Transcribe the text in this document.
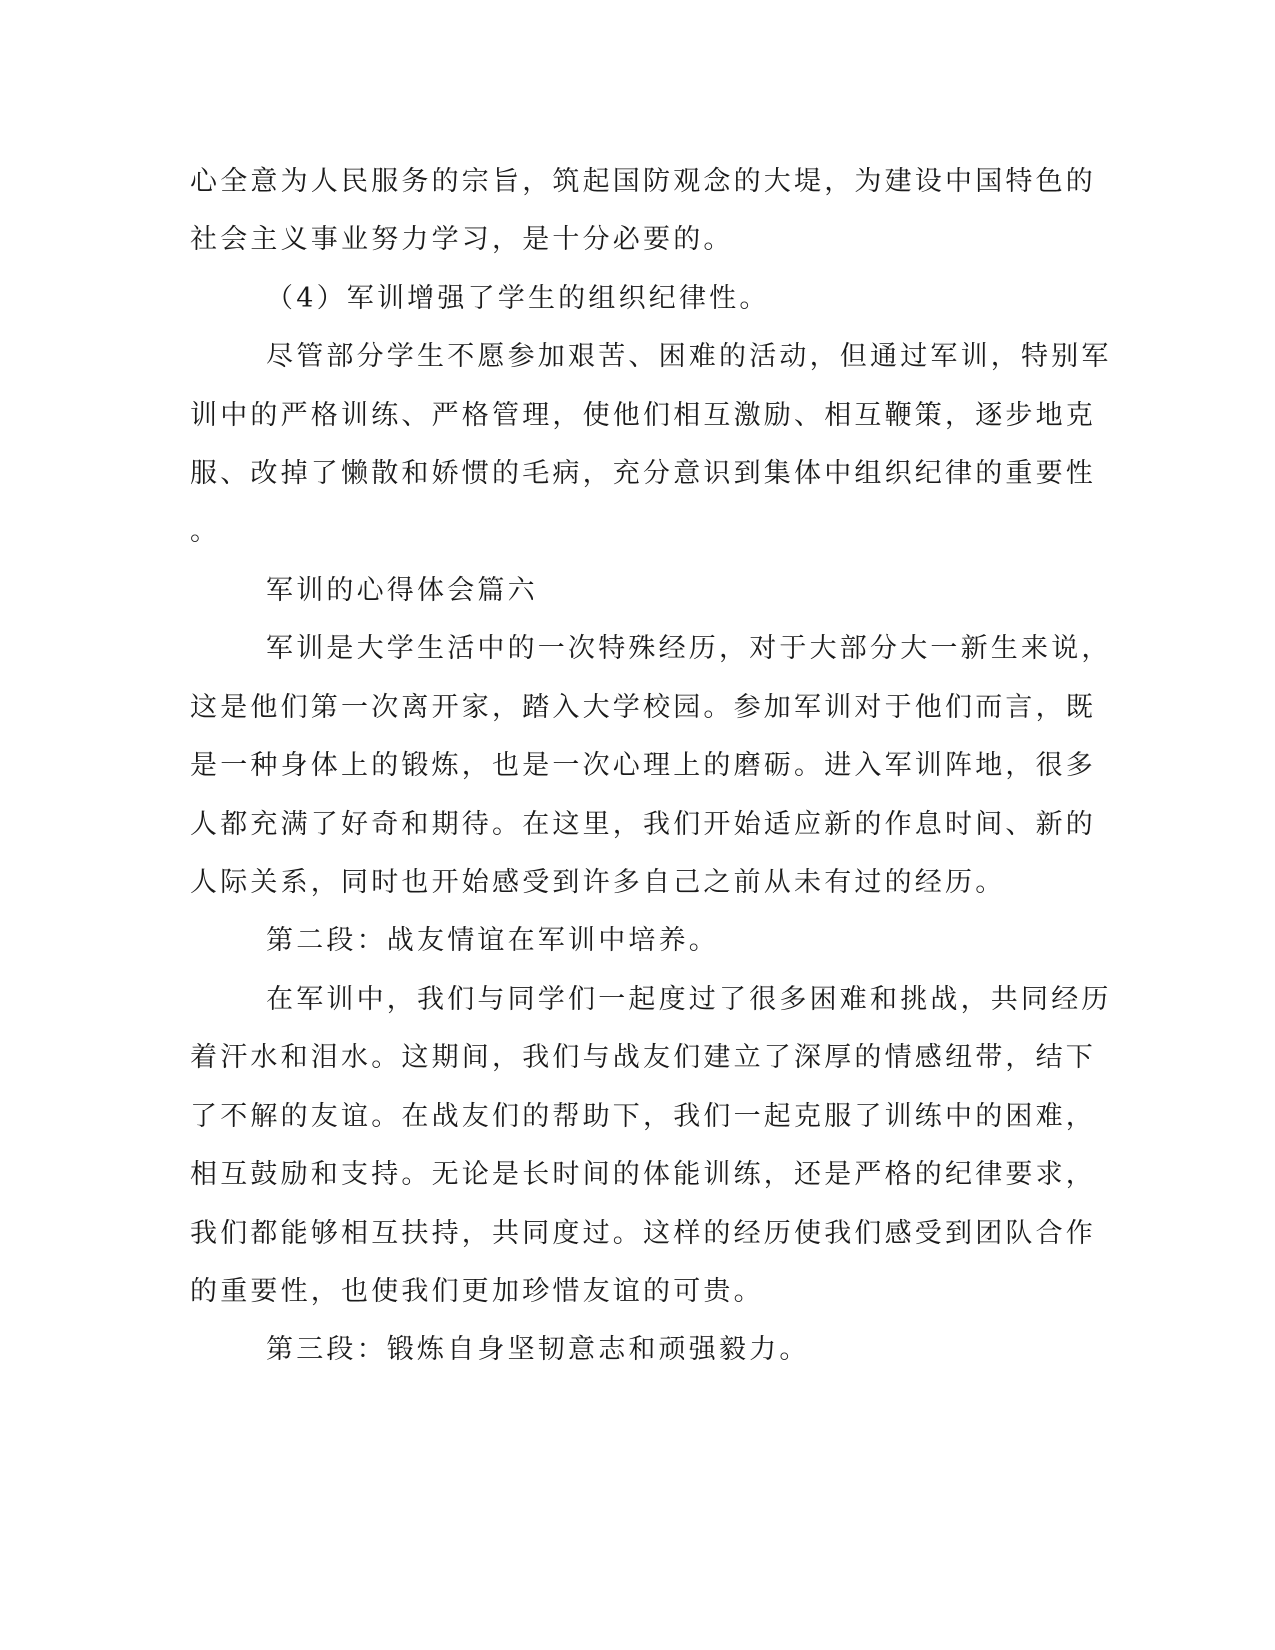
心全意为人民服务的宗旨，筑起国防观念的大堤，为建设中国特色的
社会主义事业努力学习，是十分必要的。
（4）军训增强了学生的组织纪律性。
尽管部分学生不愿参加艰苦、困难的活动，但通过军训，特别军
训中的严格训练、严格管理，使他们相互激励、相互鞭策，逐步地克
服、改掉了懒散和娇惯的毛病，充分意识到集体中组织纪律的重要性
。
军训的心得体会篇六
军训是大学生活中的一次特殊经历，对于大部分大一新生来说，
这是他们第一次离开家，踏入大学校园。参加军训对于他们而言，既
是一种身体上的锻炼，也是一次心理上的磨砺。进入军训阵地，很多
人都充满了好奇和期待。在这里，我们开始适应新的作息时间、新的
人际关系，同时也开始感受到许多自己之前从未有过的经历。
第二段：战友情谊在军训中培养。
在军训中，我们与同学们一起度过了很多困难和挑战，共同经历
着汗水和泪水。这期间，我们与战友们建立了深厚的情感纽带，结下
了不解的友谊。在战友们的帮助下，我们一起克服了训练中的困难，
相互鼓励和支持。无论是长时间的体能训练，还是严格的纪律要求，
我们都能够相互扶持，共同度过。这样的经历使我们感受到团队合作
的重要性，也使我们更加珍惜友谊的可贵。
第三段：锻炼自身坚韧意志和顽强毅力。
